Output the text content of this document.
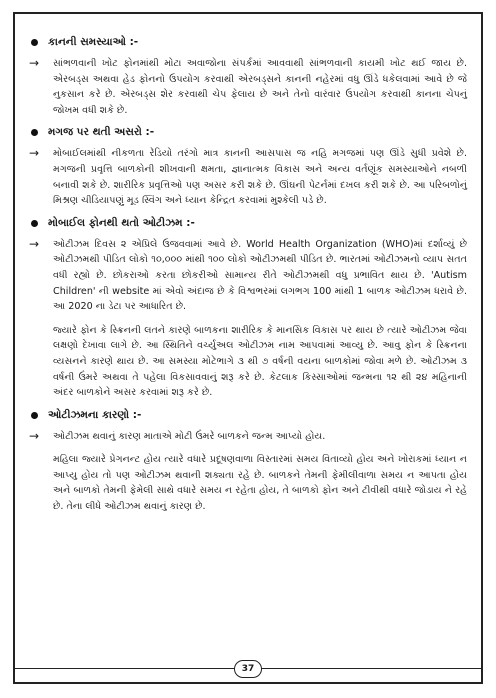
કાનની સમસ્યાઓ :-
→ સાંભળવાની ખોટ ફોનમાંથી મોટા અવાજોના સંપર્કમાં આવવાથી સાંભળવાની કાયમી ખોટ થઈ જાય છે. એરબડ્સ અથવા હેડ ફોનનો ઉપયોગ કરવાથી એરબડ્સને કાનની નહેરમાં વધુ ઊંડે ધકેલવામાં આવે છે જે નુકસાન કરે છે. એરબડ્સ શેર કરવાથી ચેપ ફેલાય છે અને તેનો વારંવાર ઉપયોગ કરવાથી કાનના ચેપનું જોખમ વધી શકે છે.
મગજ પર થતી અસરો :-
→ મોબાઈલમાંથી નીકળતા રેડિયો તરંગો માત્ર કાનની આસપાસ જ નહિ મગજમાં પણ ઊંડે સુધી પ્રવેશે છે. મગજની પ્રવૃત્તિ બાળકોની શીખવાની ક્ષમતા, જ્ઞાનાત્મક વિકાસ અને અન્ય વર્તણૂંક સમસ્યાઓને નબળી બનાવી શકે છે. શારીરિક પ્રવૃત્તિઓ પણ અસર કરી શકે છે. ઊંઘની પેટર્નમાં દખલ કરી શકે છે. આ પરિબળોનું મિશ્રણ ચીડિયાપણું મૂડ સ્વિંગ અને ધ્યાન કેન્દ્રિત કરવામાં મુશ્કેલી પડે છે.
મોબાઈલ ફોનથી થતો ઓટીઝમ :-
→ ઓટીઝમ દિવસ ૨ એપ્રિલે ઉજવવામાં આવે છે. World Health Organization (WHO)માં દર્શાવ્યું છે ઓટીઝમથી પીડિત લોકો ૧૦,૦૦૦ માંથી ૧૦૦ લોકો ઓટીઝમથી પીડિત છે. ભારતમાં ઓટીઝમનો વ્યાપ સતત વધી રહ્યો છે. છોકરાઓ કરતા છોકરીઓ સામાન્ય રીતે ઓટીઝમથી વધુ પ્રભાવિત થાય છે. 'Autism Children' ની website માં એવો અંદાજ છે કે વિશ્વભરમાં લગભગ 100 માંથી 1 બાળક ઓટીઝમ ધરાવે છે. આ 2020 ના ડેટા પર આધારિત છે.
જ્યારે ફોન કે સ્ક્રિનની લતને કારણે બાળકના શારીરિક કે માનસિક વિકાસ પર થાય છે ત્યારે ઓટીઝમ જેવા લક્ષણો દેખાવા લાગે છે. આ સ્થિતિને વર્ચ્યુઅલ ઓટીઝમ નામ આપવામાં આવ્યુ છે. આવુ ફોન કે સ્ક્રિનના વ્યસનને કારણે થાય છે. આ સમસ્યા મોટેભાગે ૩ થી ૭ વર્ષની વયના બાળકોમાં જોવા મળે છે. ઓટીઝમ ૩ વર્ષની ઉંમરે અથવા તે પહેલા વિકસાવવાનું શરૂ કરે છે. કેટલાક કિસ્સાઓમાં જન્મના ૧૨ થી ૨૪ મહિનાની અંદર બાળકોને અસર કરવામાં શરૂ કરે છે.
ઓટીઝમના કારણો :-
→ ઓટીઝમ થવાનું કારણ માતાએ મોટી ઉંમરે બાળકને જન્મ આપ્યો હોય.
મહિલા જ્યારે પ્રેગનન્ટ હોય ત્યારે વધારે પ્રદૂષણવાળા વિસ્તારમાં સમય વિતાવ્યો હોય અને ખોરાકમાં ધ્યાન ન આપ્યુ હોય તો પણ ઓટીઝમ થવાની શક્યતા રહે છે. બાળકને તેમની ફેમીલીવાળા સમય ન આપતા હોય અને બાળકો તેમની ફેમેલી સાથે વધારે સમય ન રહેતા હોય, તે બાળકો ફોન અને ટીવીથી વધારે જોડાય ને રહે છે. તેના લીધે ઓટીઝમ થવાનું કારણ છે.
37
